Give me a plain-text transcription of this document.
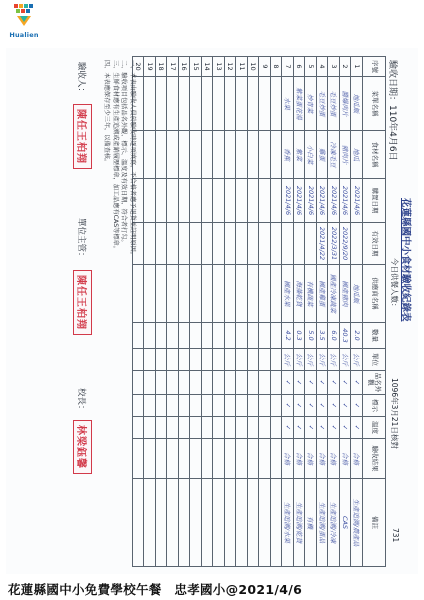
Hualien
花蓮縣國中小食材驗收紀錄表
驗收日期：110年4月6日
今日供餐人數：
1096年3月21日核對
731
序號	菜單名稱	食材名稱	購置日期	有效日期	供應商名稱	數量	單位	品名外觀	標示	溫度	驗收結果	備註
1	地瓜飯	地瓜	2021/4/6		地瓜飯	2.0	公斤	✓	✓	✓	合格	生產追溯/農產品
2	醬爆肉片	豬肉片	2021/4/6	2022/9/20	國產豬肉	40.3	公斤	✓	✓	✓	合格	CAS
3	毛豆炒蛋	冷凍毛豆	2021/4/6	2022/3/31	國產冷凍蔬菜	6.0	公斤	✓	✓	✓	合格	生產追溯/冷凍
4	毛豆炒蛋	雞蛋	2021/4/6	2021/4/22	國產雞蛋	3.5	公斤	✓	✓	✓	合格	生產追溯/蛋品
5	炒青菜	小白菜	2021/4/6		有機蔬菜	5.0	公斤	✓	✓	✓	合格	有機
6	紫菜蛋花湯	紫菜	2021/4/6		海藻乾貨	0.3	公斤	✓	✓	✓	合格	生產追溯/乾貨
7	水果	香蕉	2021/4/6		國產水果	4.2	公斤	✓	✓	✓	合格	生產追溯/水果
8												
9												
10												
11												
12												
13												
14												
15												
16												
17												
18												
19												
20												
一、本表由驗收人員於驗收時逐項填寫，不合格者應予退貨並註明原因。
二、驗收項目包括品名外觀、標示、溫度及有效日期，符合者打勾。
三、生鮮食材應有生產追溯或產銷履歷標章，加工品應有CAS等標章。
四、本表應保存至少三年，以備查核。
驗收人：
陳任王柏翔
單位主管：
陳任王柏翔
校長：
林梁鈺馨
花蓮縣國中小免費學校午餐　忠孝國小@2021/4/6
